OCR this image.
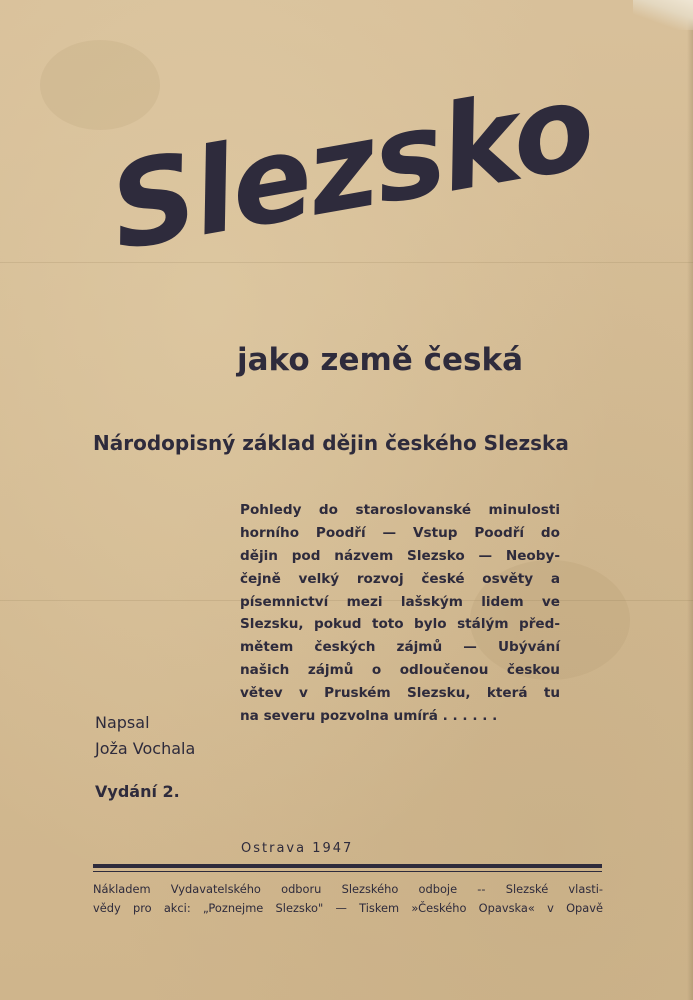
Slezsko
jako země česká
Národopisný základ dějin českého Slezska
Pohledy do staroslovanské minulosti
horního Poodří — Vstup Poodří do
dějin pod názvem Slezsko — Neoby-
čejně velký rozvoj české osvěty a
písemnictví mezi lašským lidem ve
Slezsku, pokud toto bylo stálým před-
mětem českých zájmů — Ubývání
našich zájmů o odloučenou českou
větev v Pruském Slezsku, která tu
na severu pozvolna umírá . . . . . .

Napsal

Joža Vochala

Vydání 2.

Ostrava 1947

Nákladem Vydavatelského odboru Slezského odboje -- Slezské vlasti-
vědy pro akci: „Poznejme Slezsko" — Tiskem »Českého Opavska« v Opavě
